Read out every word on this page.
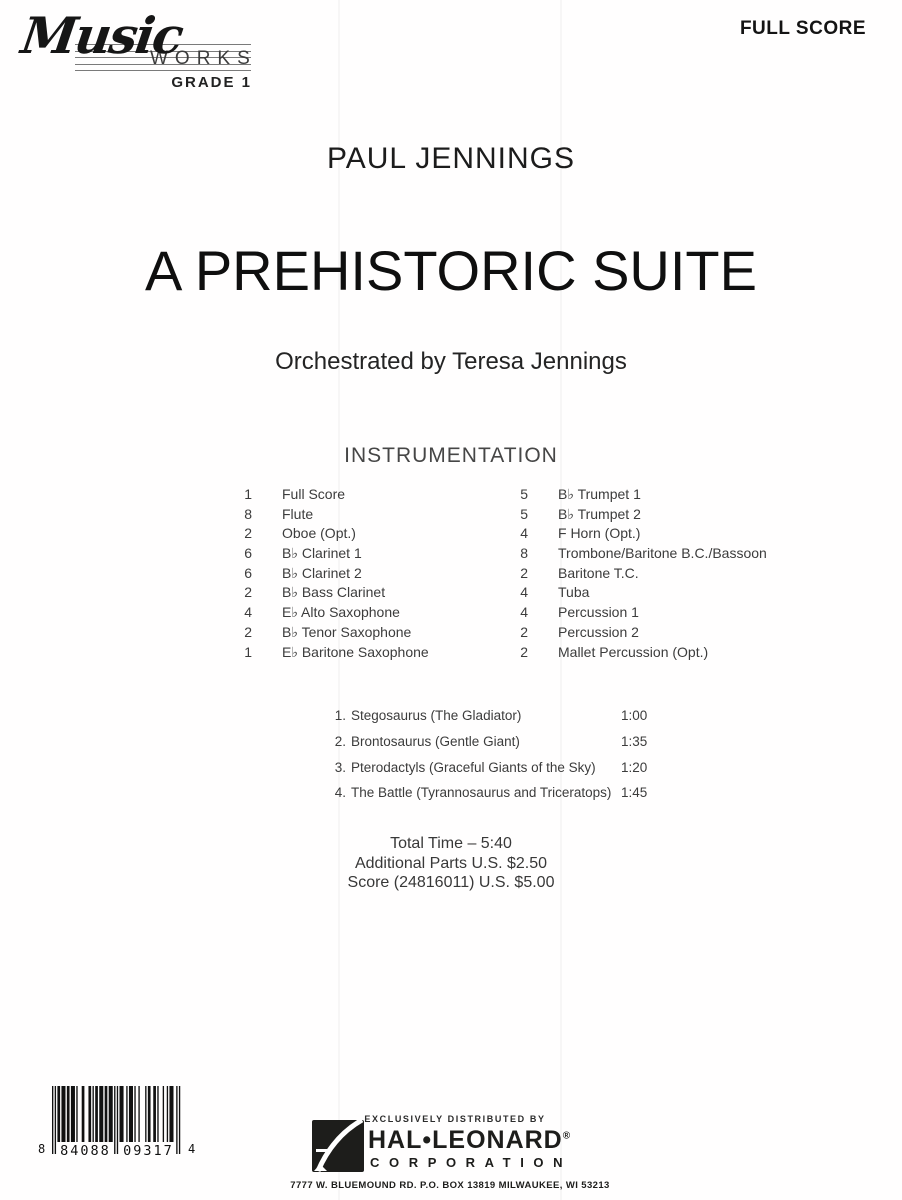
WORKS
Music
GRADE 1
FULL SCORE
PAUL JENNINGS
A PREHISTORIC SUITE
Orchestrated by Teresa Jennings
INSTRUMENTATION
1 Full Score
8 Flute
2 Oboe (Opt.)
6 B♭ Clarinet 1
6 B♭ Clarinet 2
2 B♭ Bass Clarinet
4 E♭ Alto Saxophone
2 B♭ Tenor Saxophone
1 E♭ Baritone Saxophone
5 B♭ Trumpet 1
5 B♭ Trumpet 2
4 F Horn (Opt.)
8 Trombone/Baritone B.C./Bassoon
2 Baritone T.C.
4 Tuba
4 Percussion 1
2 Percussion 2
2 Mallet Percussion (Opt.)
1. Stegosaurus (The Gladiator)	1:00
2. Brontosaurus (Gentle Giant)	1:35
3. Pterodactyls (Graceful Giants of the Sky) 1:20
4. The Battle (Tyrannosaurus and Triceratops) 1:45
Total Time – 5:40
Additional Parts U.S. $2.50
Score (24816011) U.S. $5.00
8 84088 09317 4
EXCLUSIVELY DISTRIBUTED BY
HAL•LEONARD®
CORPORATION
7777 W. BLUEMOUND RD. P.O. BOX 13819 MILWAUKEE, WI 53213
